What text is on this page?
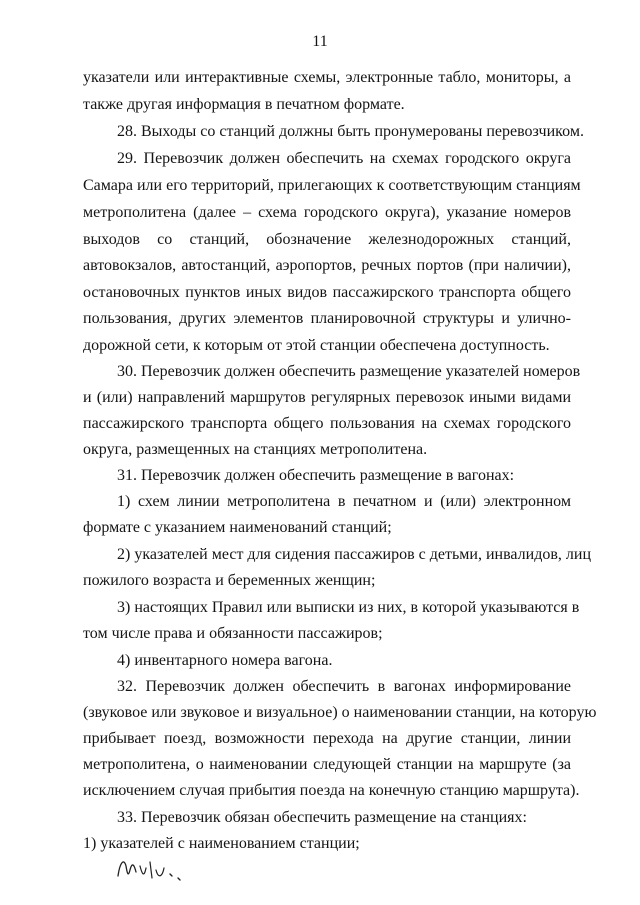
11

указатели или интерактивные схемы, электронные табло, мониторы, а

также другая информация в печатном формате.

28. Выходы со станций должны быть пронумерованы перевозчиком.

29. Перевозчик должен обеспечить на схемах городского округа

Самара или его территорий, прилегающих к соответствующим станциям

метрополитена (далее – схема городского округа), указание номеров

выходов со станций, обозначение железнодорожных станций,

автовокзалов, автостанций, аэропортов, речных портов (при наличии),

остановочных пунктов иных видов пассажирского транспорта общего

пользования, других элементов планировочной структуры и улично-

дорожной сети, к которым от этой станции обеспечена доступность.

30. Перевозчик должен обеспечить размещение указателей номеров

и (или) направлений маршрутов регулярных перевозок иными видами

пассажирского транспорта общего пользования на схемах городского

округа, размещенных на станциях метрополитена.

31. Перевозчик должен обеспечить размещение в вагонах:

1) схем линии метрополитена в печатном и (или) электронном

формате с указанием наименований станций;

2) указателей мест для сидения пассажиров с детьми, инвалидов, лиц

пожилого возраста и беременных женщин;

3) настоящих Правил или выписки из них, в которой указываются в

том числе права и обязанности пассажиров;

4) инвентарного номера вагона.

32. Перевозчик должен обеспечить в вагонах информирование

(звуковое или звуковое и визуальное) о наименовании станции, на которую

прибывает поезд, возможности перехода на другие станции, линии

метрополитена, о наименовании следующей станции на маршруте (за

исключением случая прибытия поезда на конечную станцию маршрута).

33. Перевозчик обязан обеспечить размещение на станциях:

1) указателей с наименованием станции;
